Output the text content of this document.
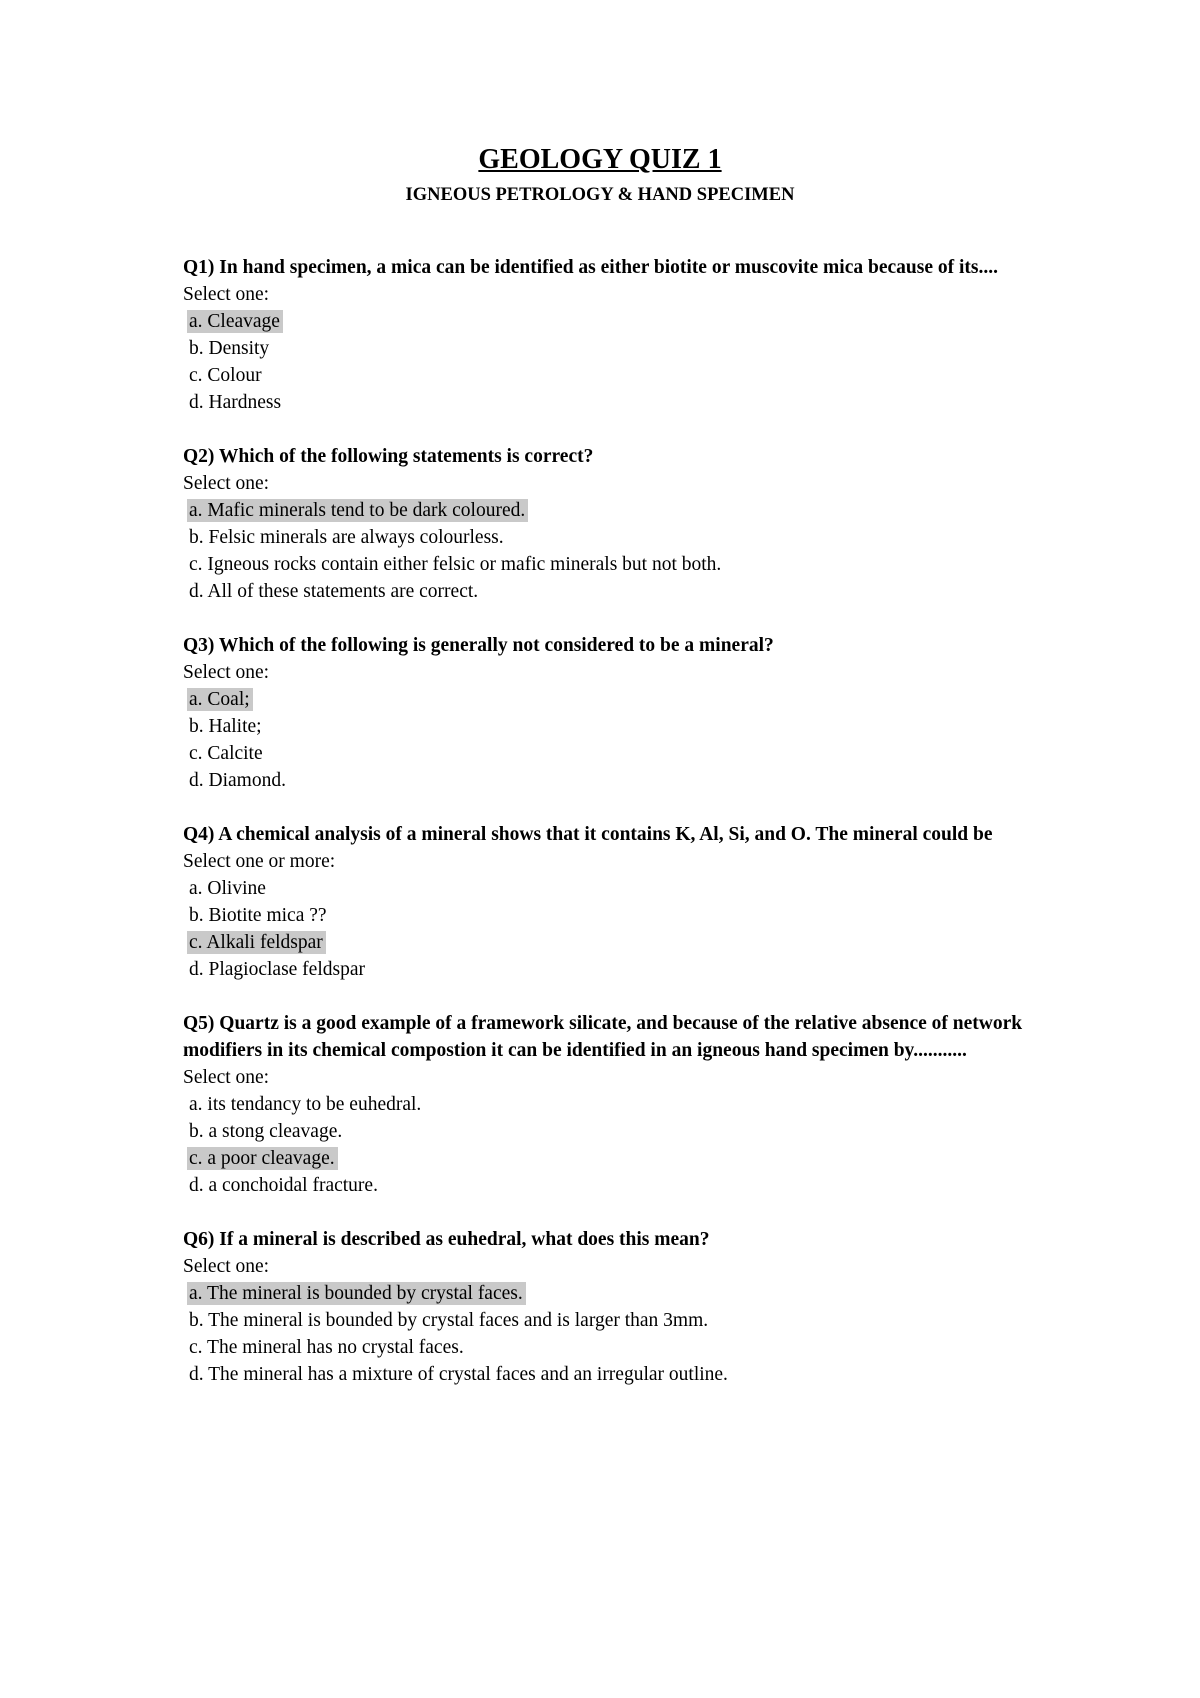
GEOLOGY QUIZ 1
IGNEOUS PETROLOGY & HAND SPECIMEN

Q1) In hand specimen, a mica can be identified as either biotite or muscovite mica because of its....

Select one:

a. Cleavage
b. Density
c. Colour
d. Hardness

Q2) Which of the following statements is correct?

Select one:

a. Mafic minerals tend to be dark coloured.
b. Felsic minerals are always colourless.
c. Igneous rocks contain either felsic or mafic minerals but not both.
d. All of these statements are correct.

Q3) Which of the following is generally not considered to be a mineral?

Select one:

a. Coal;
b. Halite;
c. Calcite
d. Diamond.

Q4) A chemical analysis of a mineral shows that it contains K, Al, Si, and O. The mineral could be

Select one or more:

a. Olivine
b. Biotite mica ??
c. Alkali feldspar
d. Plagioclase feldspar

Q5) Quartz is a good example of a framework silicate, and because of the relative absence of network modifiers in its chemical compostion it can be identified in an igneous hand specimen by...........

Select one:

a. its tendancy to be euhedral.
b. a stong cleavage.
c. a poor cleavage.
d. a conchoidal fracture.

Q6) If a mineral is described as euhedral, what does this mean?

Select one:

a. The mineral is bounded by crystal faces.
b. The mineral is bounded by crystal faces and is larger than 3mm.
c. The mineral has no crystal faces.
d. The mineral has a mixture of crystal faces and an irregular outline.
